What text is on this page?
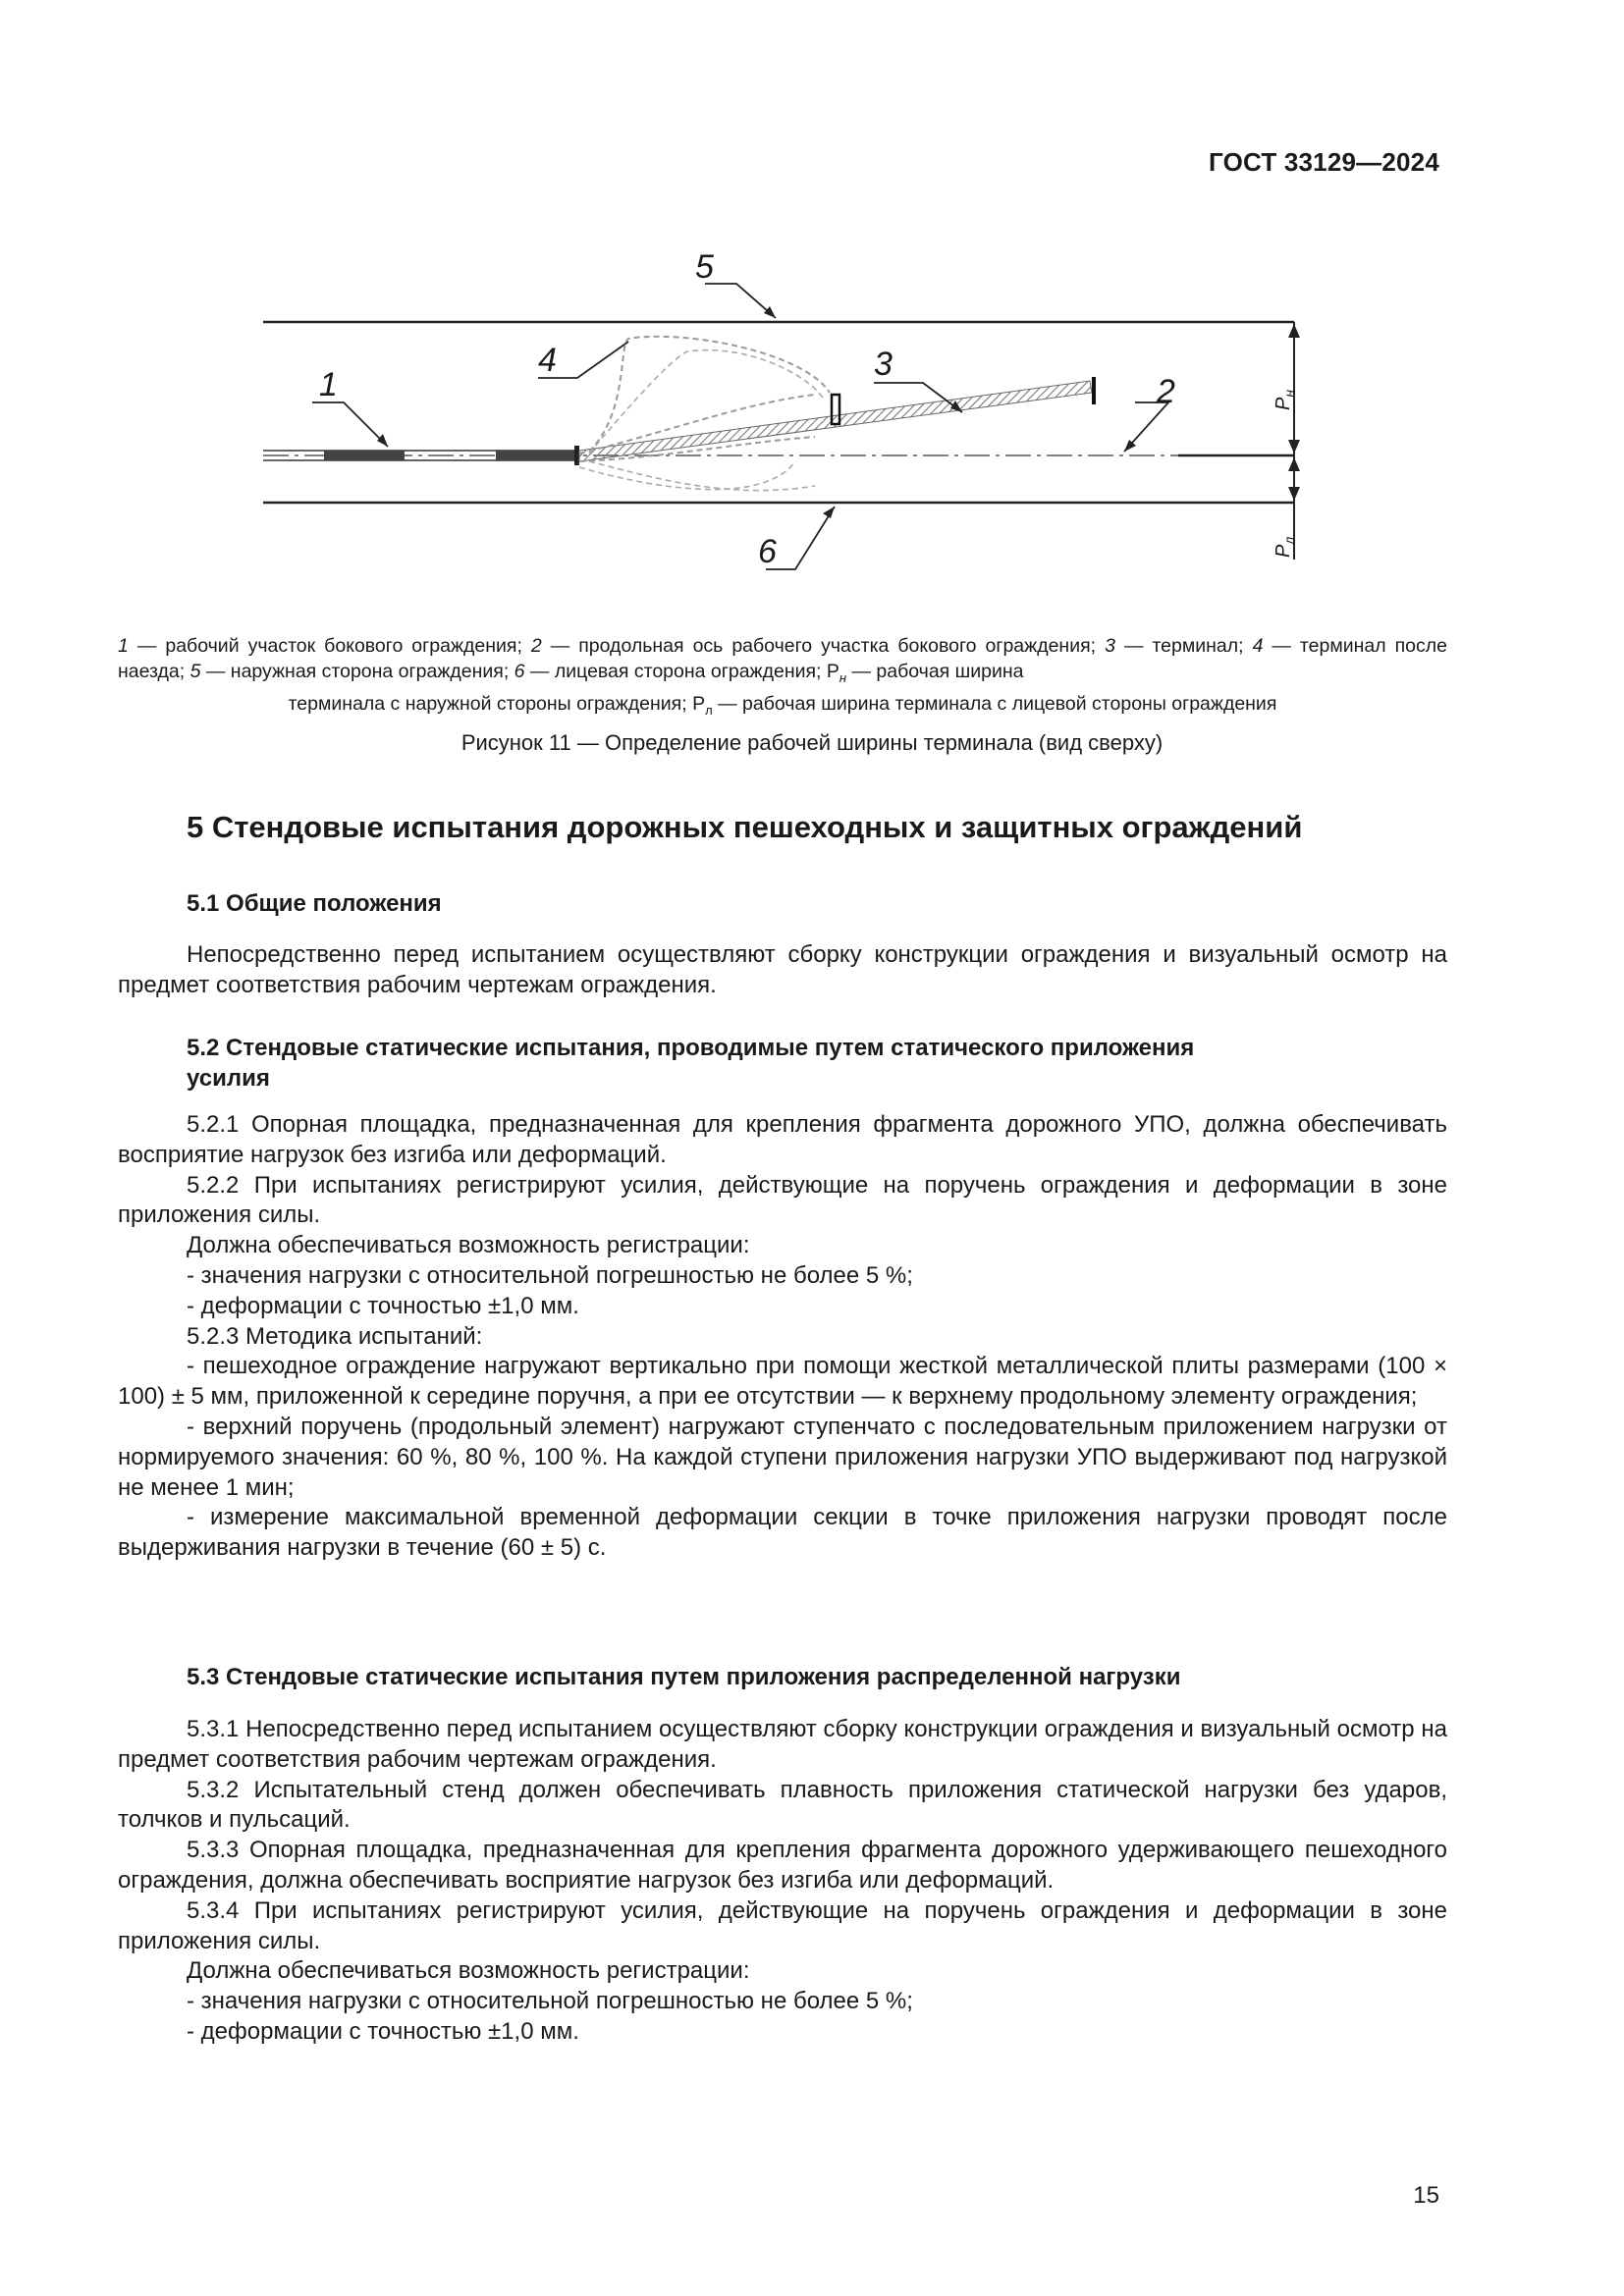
ГОСТ 33129—2024
5
4	3
1	2
6
$Р_н$
$Р_л$
1 — рабочий участок бокового ограждения; 2 — продольная ось рабочего участка бокового ограждения; 3 — терминал; 4 — терминал после наезда; 5 — наружная сторона ограждения; 6 — лицевая сторона ограждения; $Р_н$ — рабочая ширина
терминала с наружной стороны ограждения; $Р_л$ — рабочая ширина терминала с лицевой стороны ограждения
Рисунок 11 — Определение рабочей ширины терминала (вид сверху)
5 Стендовые испытания дорожных пешеходных и защитных ограждений
5.1 Общие положения
Непосредственно перед испытанием осуществляют сборку конструкции ограждения и визуальный осмотр на предмет соответствия рабочим чертежам ограждения.
5.2 Стендовые статические испытания, проводимые путем статического приложения
усилия
5.2.1 Опорная площадка, предназначенная для крепления фрагмента дорожного УПО, должна обеспечивать восприятие нагрузок без изгиба или деформаций.
5.2.2 При испытаниях регистрируют усилия, действующие на поручень ограждения и деформации в зоне приложения силы.
Должна обеспечиваться возможность регистрации:
- значения нагрузки с относительной погрешностью не более 5 %;
- деформации с точностью ±1,0 мм.
5.2.3 Методика испытаний:
- пешеходное ограждение нагружают вертикально при помощи жесткой металлической плиты размерами (100 × 100) ± 5 мм, приложенной к середине поручня, а при ее отсутствии — к верхнему продольному элементу ограждения;
- верхний поручень (продольный элемент) нагружают ступенчато с последовательным приложением нагрузки от нормируемого значения: 60 %, 80 %, 100 %. На каждой ступени приложения нагрузки УПО выдерживают под нагрузкой не менее 1 мин;
- измерение максимальной временной деформации секции в точке приложения нагрузки проводят после выдерживания нагрузки в течение (60 ± 5) с.
5.3 Стендовые статические испытания путем приложения распределенной нагрузки
5.3.1 Непосредственно перед испытанием осуществляют сборку конструкции ограждения и визуальный осмотр на предмет соответствия рабочим чертежам ограждения.
5.3.2 Испытательный стенд должен обеспечивать плавность приложения статической нагрузки без ударов, толчков и пульсаций.
5.3.3 Опорная площадка, предназначенная для крепления фрагмента дорожного удерживающего пешеходного ограждения, должна обеспечивать восприятие нагрузок без изгиба или деформаций.
5.3.4 При испытаниях регистрируют усилия, действующие на поручень ограждения и деформации в зоне приложения силы.
Должна обеспечиваться возможность регистрации:
- значения нагрузки с относительной погрешностью не более 5 %;
- деформации с точностью ±1,0 мм.
15
